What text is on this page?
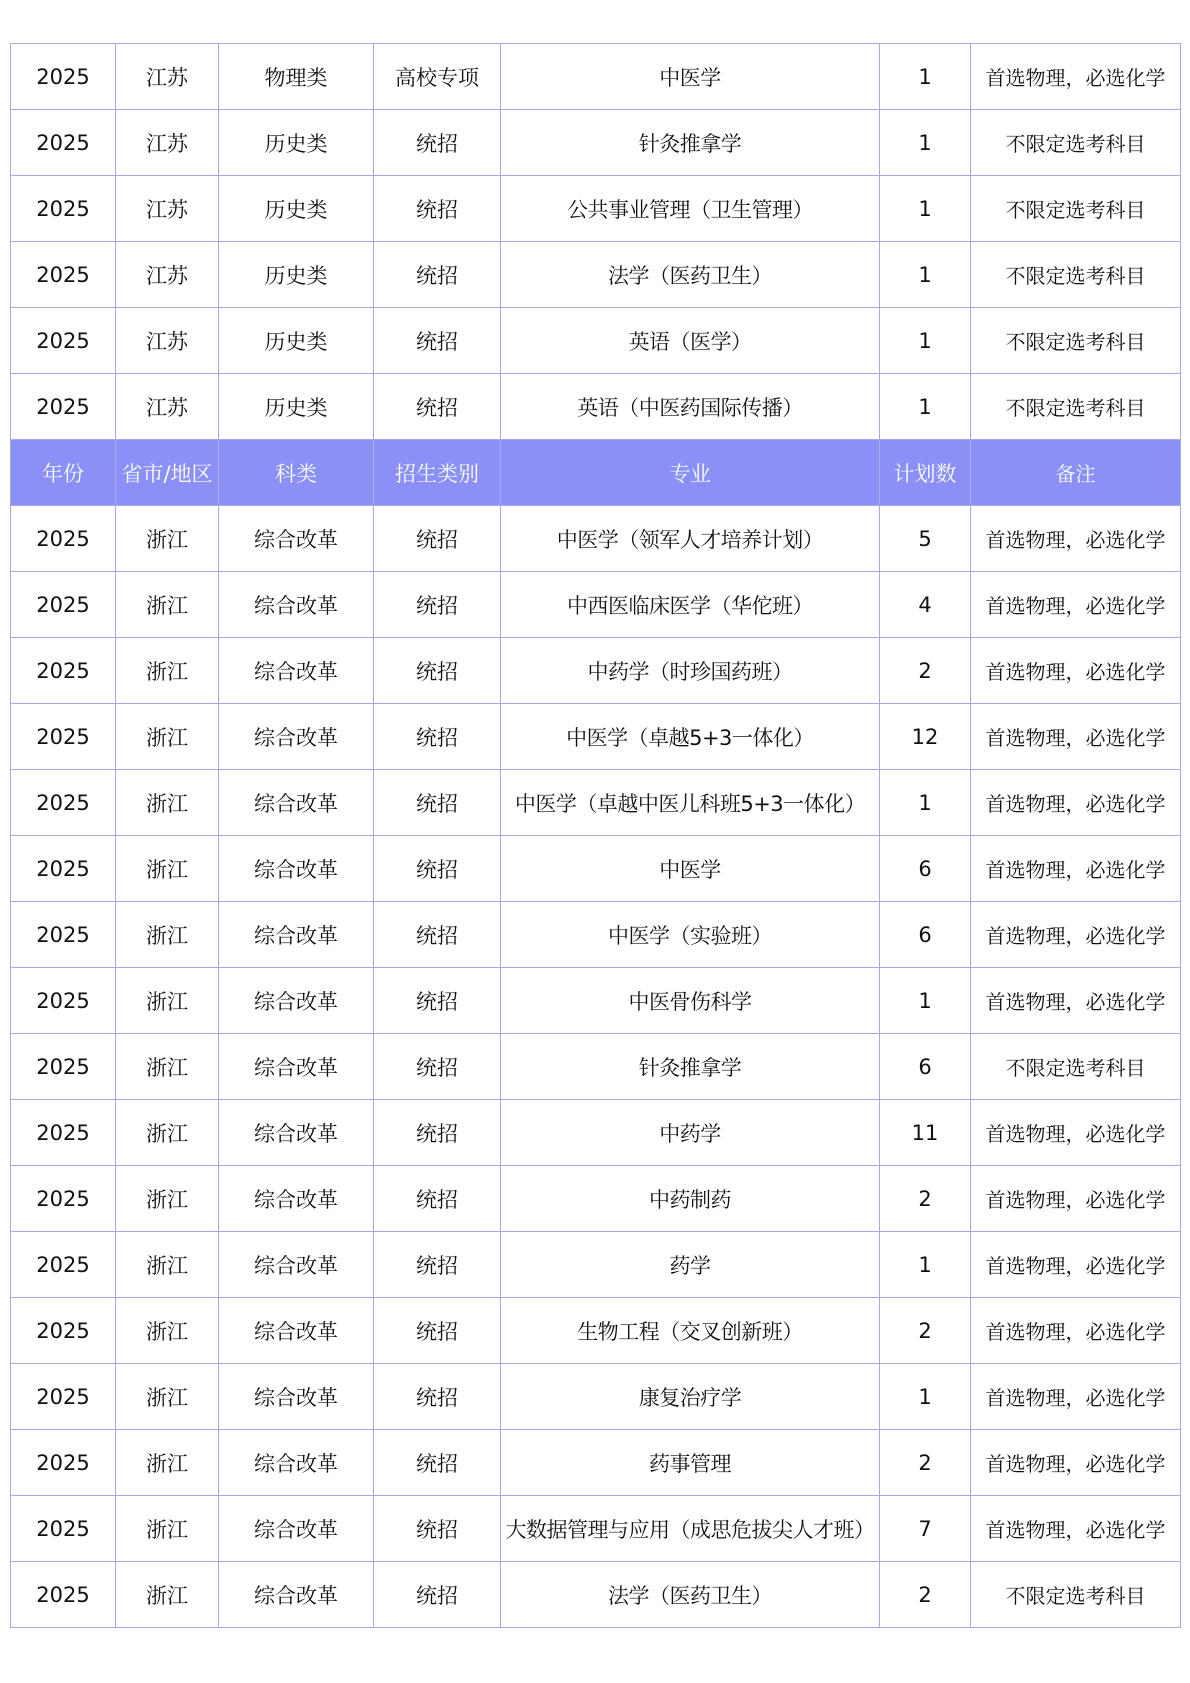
2025	江苏	物理类	高校专项	中医学	1	首选物理，必选化学
2025	江苏	历史类	统招	针灸推拿学	1	不限定选考科目
2025	江苏	历史类	统招	公共事业管理（卫生管理）	1	不限定选考科目
2025	江苏	历史类	统招	法学（医药卫生）	1	不限定选考科目
2025	江苏	历史类	统招	英语（医学）	1	不限定选考科目
2025	江苏	历史类	统招	英语（中医药国际传播）	1	不限定选考科目
年份	省市/地区	科类	招生类别	专业	计划数	备注
2025	浙江	综合改革	统招	中医学（领军人才培养计划）	5	首选物理，必选化学
2025	浙江	综合改革	统招	中西医临床医学（华佗班）	4	首选物理，必选化学
2025	浙江	综合改革	统招	中药学（时珍国药班）	2	首选物理，必选化学
2025	浙江	综合改革	统招	中医学（卓越5+3一体化）	12	首选物理，必选化学
2025	浙江	综合改革	统招	中医学（卓越中医儿科班5+3一体化）	1	首选物理，必选化学
2025	浙江	综合改革	统招	中医学	6	首选物理，必选化学
2025	浙江	综合改革	统招	中医学（实验班）	6	首选物理，必选化学
2025	浙江	综合改革	统招	中医骨伤科学	1	首选物理，必选化学
2025	浙江	综合改革	统招	针灸推拿学	6	不限定选考科目
2025	浙江	综合改革	统招	中药学	11	首选物理，必选化学
2025	浙江	综合改革	统招	中药制药	2	首选物理，必选化学
2025	浙江	综合改革	统招	药学	1	首选物理，必选化学
2025	浙江	综合改革	统招	生物工程（交叉创新班）	2	首选物理，必选化学
2025	浙江	综合改革	统招	康复治疗学	1	首选物理，必选化学
2025	浙江	综合改革	统招	药事管理	2	首选物理，必选化学
2025	浙江	综合改革	统招	大数据管理与应用（成思危拔尖人才班）	7	首选物理，必选化学
2025	浙江	综合改革	统招	法学（医药卫生）	2	不限定选考科目
